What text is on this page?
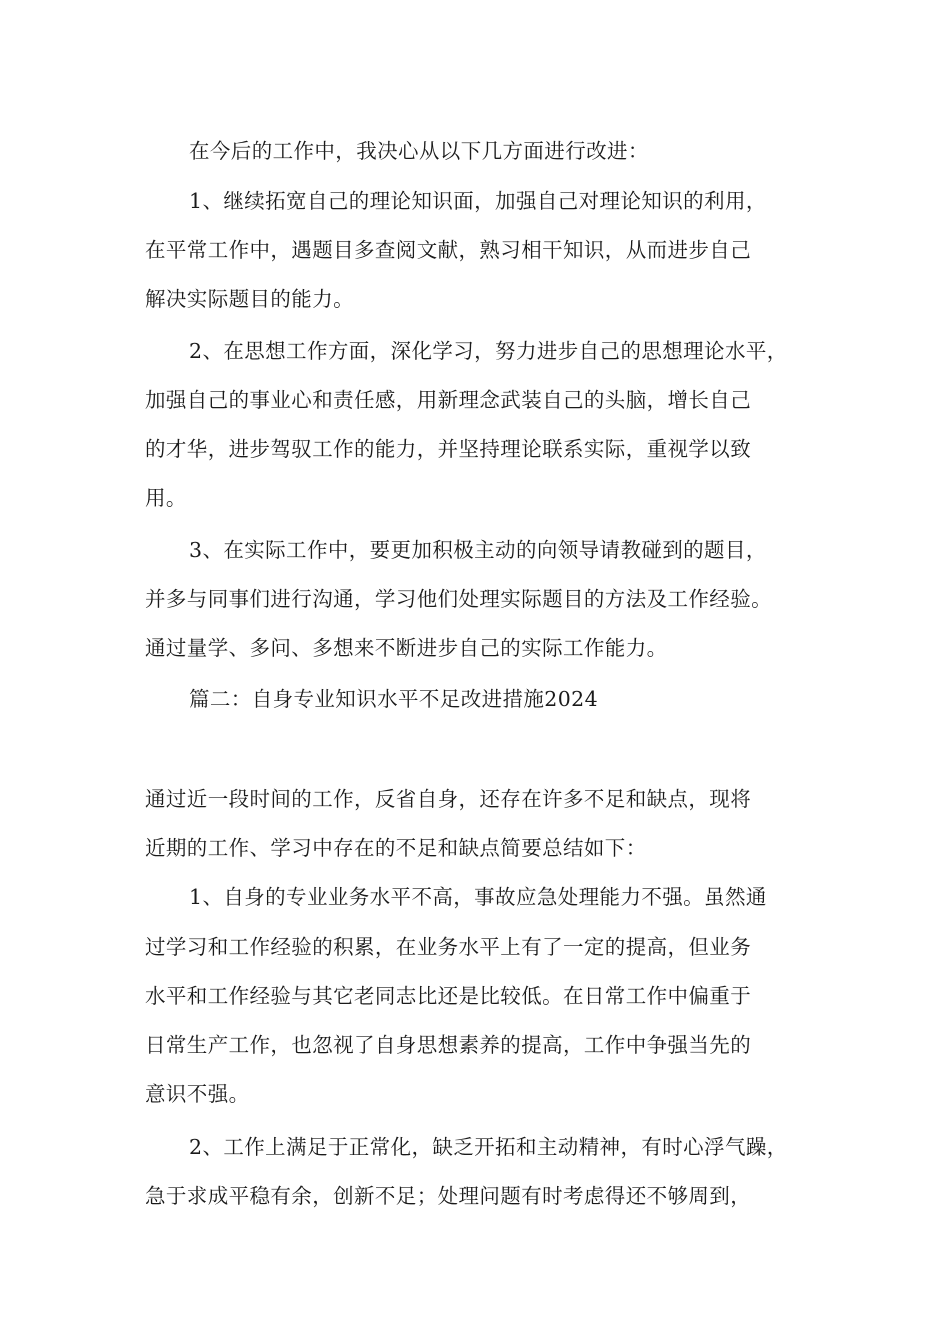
在今后的工作中，我决心从以下几方面进行改进：
1、继续拓宽自己的理论知识面，加强自己对理论知识的利用，
在平常工作中，遇题目多查阅文献，熟习相干知识，从而进步自己
解决实际题目的能力。
2、在思想工作方面，深化学习，努力进步自己的思想理论水平，
加强自己的事业心和责任感，用新理念武装自己的头脑，增长自己
的才华，进步驾驭工作的能力，并坚持理论联系实际，重视学以致
用。
3、在实际工作中，要更加积极主动的向领导请教碰到的题目，
并多与同事们进行沟通，学习他们处理实际题目的方法及工作经验。
通过量学、多问、多想来不断进步自己的实际工作能力。
篇二：自身专业知识水平不足改进措施2024
通过近一段时间的工作，反省自身，还存在许多不足和缺点，现将
近期的工作、学习中存在的不足和缺点简要总结如下：
1、自身的专业业务水平不高，事故应急处理能力不强。虽然通
过学习和工作经验的积累，在业务水平上有了一定的提高，但业务
水平和工作经验与其它老同志比还是比较低。在日常工作中偏重于
日常生产工作，也忽视了自身思想素养的提高，工作中争强当先的
意识不强。
2、工作上满足于正常化，缺乏开拓和主动精神，有时心浮气躁，
急于求成平稳有余，创新不足；处理问题有时考虑得还不够周到，
